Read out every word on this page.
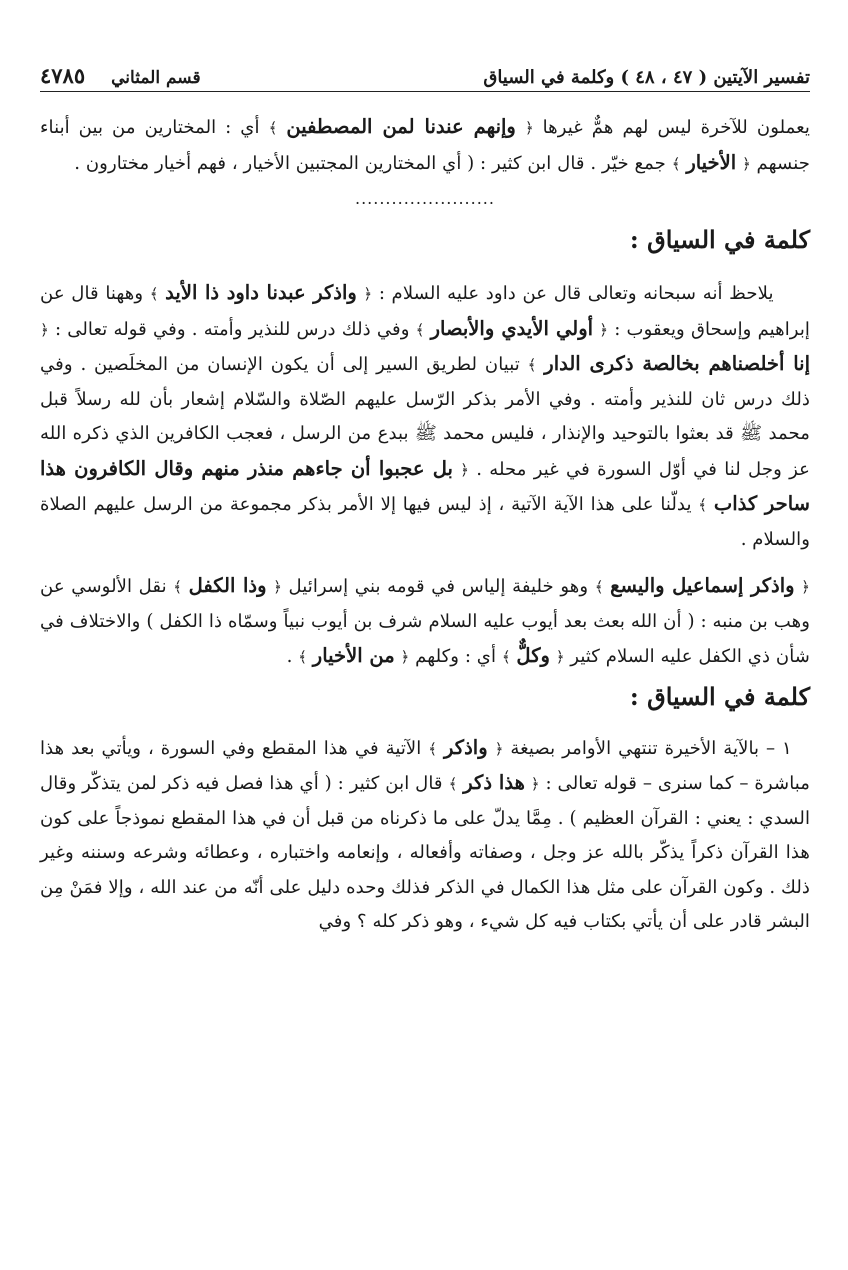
تفسير الآيتين ( ٤٧ ، ٤٨ ) وكلمة في السياق
قسم المثاني
٤٧٨٥

يعملون للآخرة ليس لهم همٌّ غيرها ﴿ وإنهم عندنا لمن المصطفين ﴾ أي : المختارين من بين أبناء جنسهم ﴿ الأخيار ﴾ جمع خيّر . قال ابن كثير : ( أي المختارين المجتبين الأخيار ، فهم أخيار مختارون .

.......................
كلمة في السياق :

  يلاحظ أنه سبحانه وتعالى قال عن داود عليه السلام : ﴿ واذكر عبدنا داود ذا الأيد ﴾ وههنا قال عن إبراهيم وإسحاق ويعقوب : ﴿ أولي الأيدي والأبصار ﴾ وفي ذلك درس للنذير وأمته . وفي قوله تعالى : ﴿ إنا أخلصناهم بخالصة ذكرى الدار ﴾ تبيان لطريق السير إلى أن يكون الإنسان من المخلَصين . وفي ذلك درس ثان للنذير وأمته . وفي الأمر بذكر الرّسل عليهم الصّلاة والسّلام إشعار بأن لله رسلاً قبل محمد ﷺ قد بعثوا بالتوحيد والإنذار ، فليس محمد ﷺ ببدع من الرسل ، فعجب الكافرين الذي ذكره الله عز وجل لنا في أوّل السورة في غير محله . ﴿ بل عجبوا أن جاءهم منذر منهم وقال الكافرون هذا ساحر كذاب ﴾ يدلّنا على هذا الآية الآتية ، إذ ليس فيها إلا الأمر بذكر مجموعة من الرسل عليهم الصلاة والسلام .

﴿ واذكر إسماعيل واليسع ﴾ وهو خليفة إلياس في قومه بني إسرائيل ﴿ وذا الكفل ﴾ نقل الألوسي عن وهب بن منبه : ( أن الله بعث بعد أيوب عليه السلام شرف بن أيوب نبياً وسمّاه ذا الكفل ) والاختلاف في شأن ذي الكفل عليه السلام كثير ﴿ وكلٌّ ﴾ أي : وكلهم ﴿ من الأخيار ﴾ .

كلمة في السياق :

 ١ – بالآية الأخيرة تنتهي الأوامر بصيغة ﴿ واذكر ﴾ الآتية في هذا المقطع وفي السورة ، ويأتي بعد هذا مباشرة – كما سنرى – قوله تعالى : ﴿ هذا ذكر ﴾ قال ابن كثير : ( أي هذا فصل فيه ذكر لمن يتذكّر وقال السدي : يعني : القرآن العظيم ) . مِمَّا يدلّ على ما ذكرناه من قبل أن في هذا المقطع نموذجاً على كون هذا القرآن ذكراً يذكّر بالله عز وجل ، وصفاته وأفعاله ، وإنعامه واختباره ، وعطائه وشرعه وسننه وغير ذلك . وكون القرآن على مثل هذا الكمال في الذكر فذلك وحده دليل على أنّه من عند الله ، وإلا فمَنْ مِن البشر قادر على أن يأتي بكتاب فيه كل شيء ، وهو ذكر كله ؟ وفي
